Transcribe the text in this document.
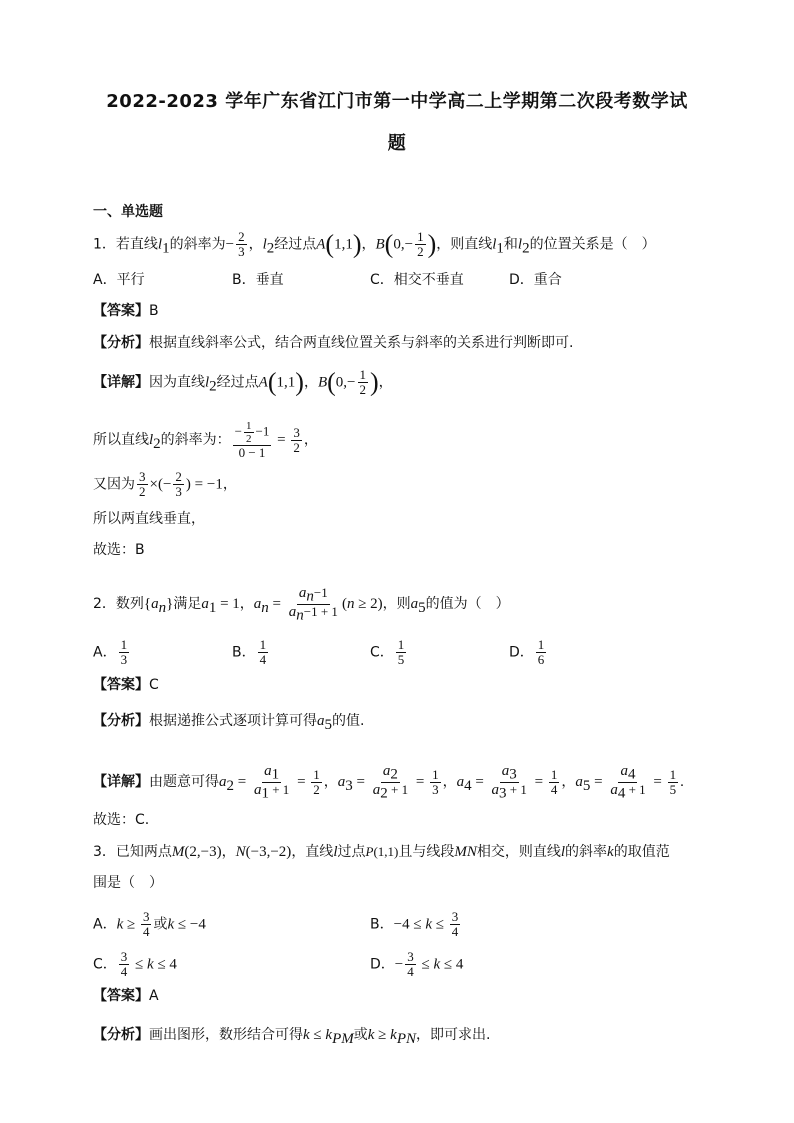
2022-2023 学年广东省江门市第一中学高二上学期第二次段考数学试
题
一、单选题
1．若直线$l_1$的斜率为− $\frac{2}{3}$ ，$l_2$经过点A(1,1)，$B(0,- \frac{1}{2}$ )，则直线$l_1$和$l_2$的位置关系是（　）
A．平行	B．垂直	C．相交不垂直	D．重合
【答案】B
【分析】根据直线斜率公式，结合两直线位置关系与斜率的关系进行判断即可.
【详解】因为直线$l_2$经过点A(1,1)，$B(0,- \frac{1}{2}$ )，
所以直线$l_2$的斜率为： $\frac{- \frac{1}{2} -1}{0 - 1} = \frac{3}{2}$ ，
又因为 $\frac{3}{2}$ ×(− $\frac{2}{3}$ ) = −1，
所以两直线垂直，
故选：B
2．数列$\{a_n\}$满足$a_1 = 1$，$a_n = \frac{a_n-1}{a_n-1 + 1} (n \ge 2)$，则$a_5$的值为（　）
A． $\frac{1}{3}$	B． $\frac{1}{4}$	C． $\frac{1}{5}$	D． $\frac{1}{6}$
【答案】C
【分析】根据递推公式逐项计算可得$a_5$的值.
【详解】由题意可得$a_2 = \frac{a_1}{a_1 + 1} = \frac{1}{2}$ ，$a_3 = \frac{a_2}{a_2 + 1} = \frac{1}{3}$ ，$a_4 = \frac{a_3}{a_3 + 1} = \frac{1}{4}$ ，$a_5 = \frac{a_4}{a_4 + 1} = \frac{1}{5}$ .
故选：C.
3．已知两点M(2,−3)，N(−3,−2)，直线l过点P(1,1)且与线段MN相交，则直线l的斜率k的取值范
围是（　）
A．$k \ge \frac{3}{4}$ 或k ≤ −4	B．$-4 \le k \le \frac{3}{4}$
C． $\frac{3}{4} \le k \le 4$	D．− $\frac{3}{4} \le k \le 4$
【答案】A
【分析】画出图形，数形结合可得$k \le k_{PM}$或$k \ge k_{PN}$，即可求出.
